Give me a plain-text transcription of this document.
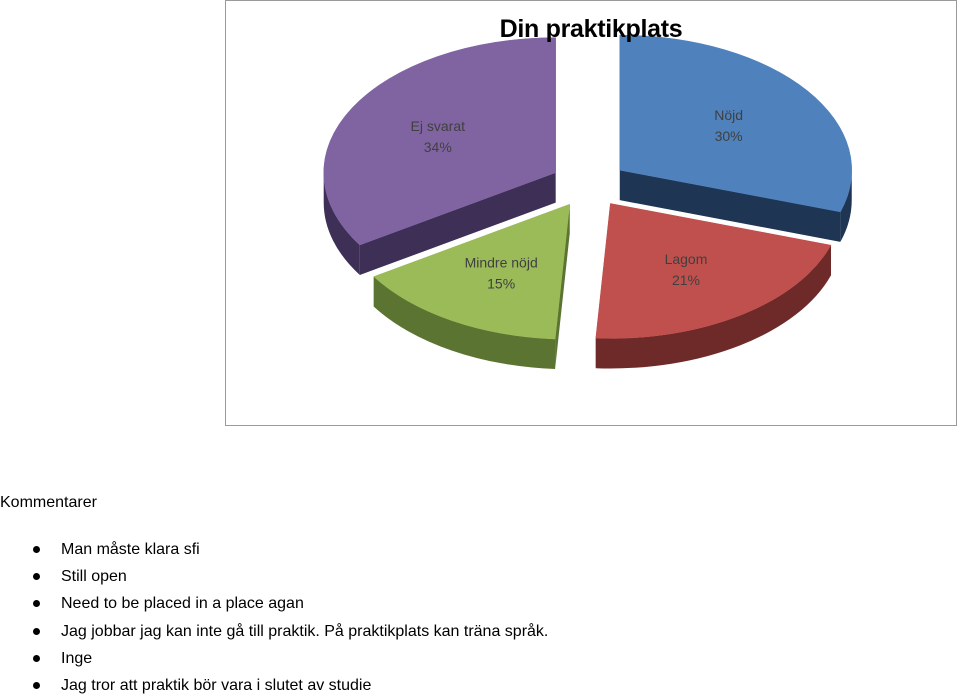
Nöjd
30%
Ej svarat
34%
Lagom
21%
Mindre nöjd
15%
Din praktikplats
Kommentarer
Man måste klara sfi
Still open
Need to be placed in a place agan
Jag jobbar jag kan inte gå till praktik. På praktikplats kan träna språk.
Inge
Jag tror att praktik bör vara i slutet av studie
